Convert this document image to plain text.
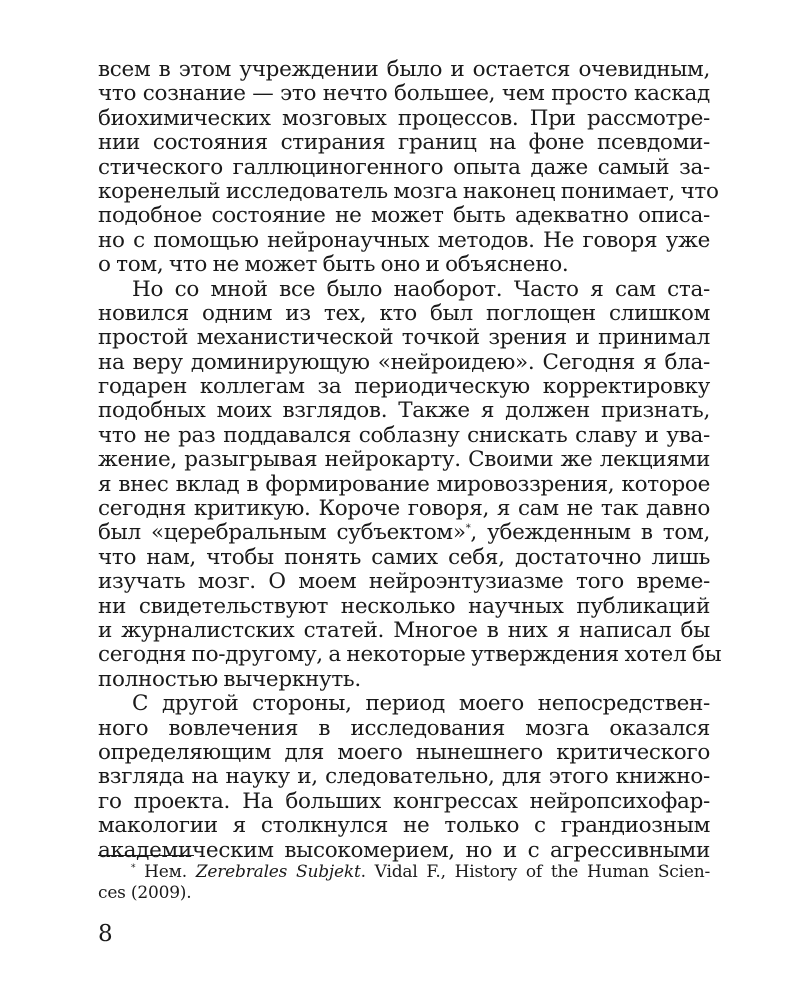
всем в этом учреждении было и остается очевидным,
что сознание — это нечто большее, чем просто каскад
биохимических мозговых процессов. При рассмотре-
нии состояния стирания границ на фоне псевдоми-
стического галлюциногенного опыта даже самый за-
коренелый исследователь мозга наконец понимает, что
подобное состояние не может быть адекватно описа-
но с помощью нейронаучных методов. Не говоря уже
о том, что не может быть оно и объяснено.
Но со мной все было наоборот. Часто я сам ста-
новился одним из тех, кто был поглощен слишком
простой механистической точкой зрения и принимал
на веру доминирующую «нейроидею». Сегодня я бла-
годарен коллегам за периодическую корректировку
подобных моих взглядов. Также я должен признать,
что не раз поддавался соблазну снискать славу и ува-
жение, разыгрывая нейрокарту. Своими же лекциями
я внес вклад в формирование мировоззрения, которое
сегодня критикую. Короче говоря, я сам не так давно
был «церебральным субъектом»*, убежденным в том,
что нам, чтобы понять самих себя, достаточно лишь
изучать мозг. О моем нейроэнтузиазме того време-
ни свидетельствуют несколько научных публикаций
и журналистских статей. Многое в них я написал бы
сегодня по-другому, а некоторые утверждения хотел бы
полностью вычеркнуть.
С другой стороны, период моего непосредствен-
ного вовлечения в исследования мозга оказался
определяющим для моего нынешнего критического
взгляда на науку и, следовательно, для этого книжно-
го проекта. На больших конгрессах нейропсихофар-
макологии я столкнулся не только с грандиозным
академическим высокомерием, но и с агрессивными
* Нем. Zerebrales Subjekt. Vidal F., History of the Human Scien-
ces (2009).
8
